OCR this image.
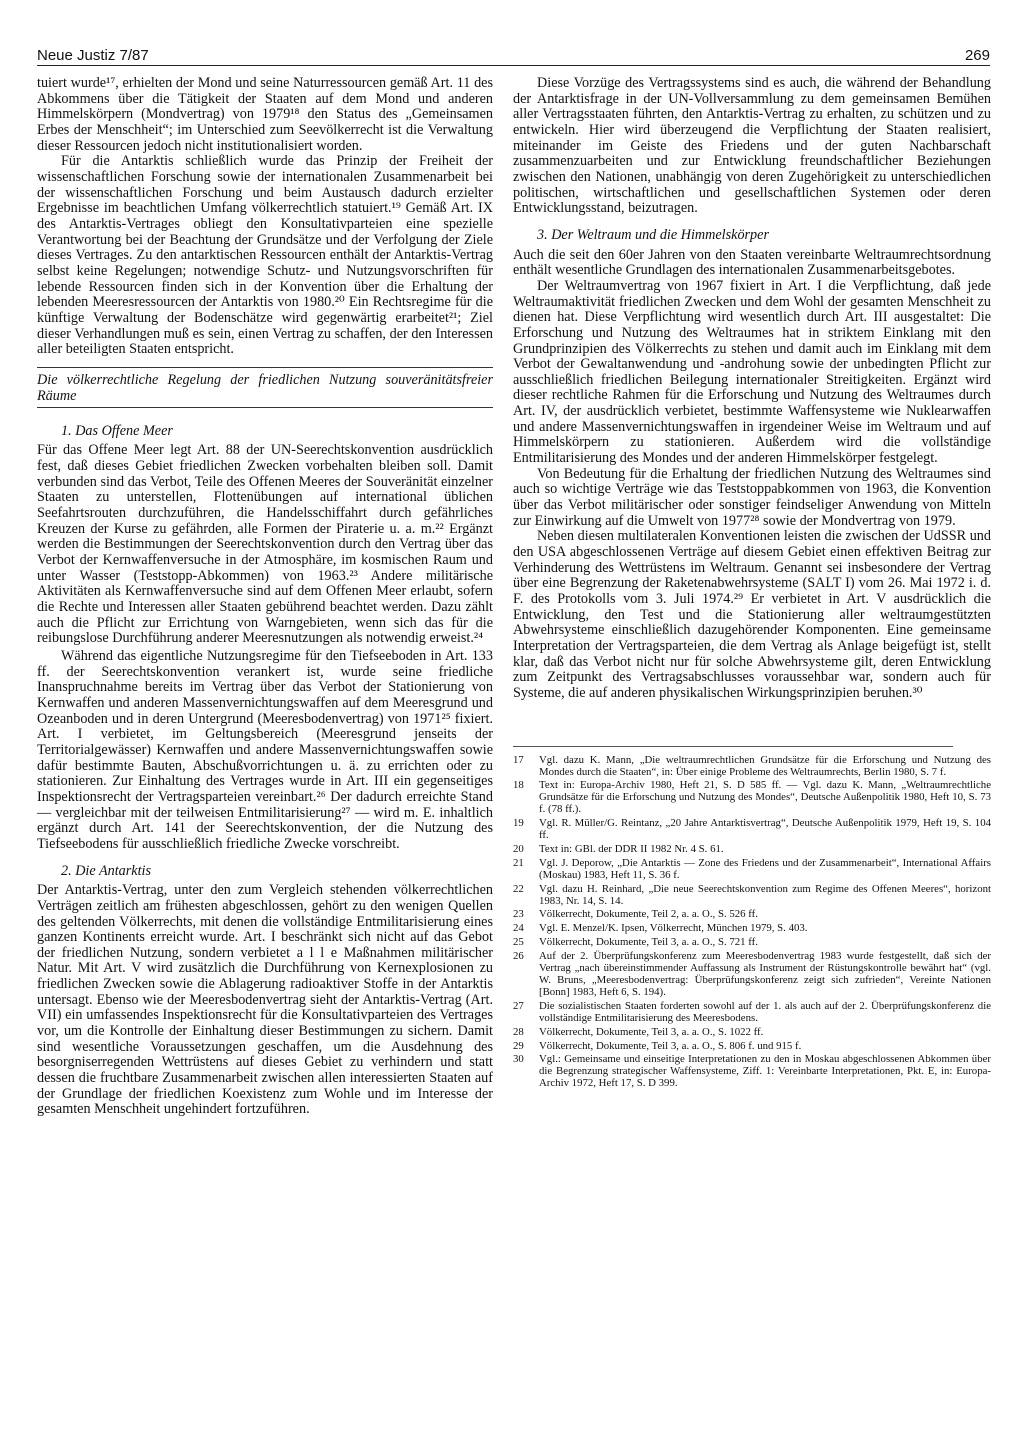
Neue Justiz 7/87	269

tuiert wurde¹⁷, erhielten der Mond und seine Naturressourcen gemäß Art. 11 des Abkommens über die Tätigkeit der Staaten auf dem Mond und anderen Himmelskörpern (Mondvertrag) von 1979¹⁸ den Status des „Gemeinsamen Erbes der Menschheit“; im Unterschied zum Seevölkerrecht ist die Verwaltung dieser Ressourcen jedoch nicht institutionalisiert worden.

Für die Antarktis schließlich wurde das Prinzip der Freiheit der wissenschaftlichen Forschung sowie der internationalen Zusammenarbeit bei der wissenschaftlichen Forschung und beim Austausch dadurch erzielter Ergebnisse im beachtlichen Umfang völkerrechtlich statuiert.¹⁹ Gemäß Art. IX des Antarktis-Vertrages obliegt den Konsultativparteien eine spezielle Verantwortung bei der Beachtung der Grundsätze und der Verfolgung der Ziele dieses Vertrages. Zu den antarktischen Ressourcen enthält der Antarktis-Vertrag selbst keine Regelungen; notwendige Schutz- und Nutzungsvorschriften für lebende Ressourcen finden sich in der Konvention über die Erhaltung der lebenden Meeresressourcen der Antarktis von 1980.²⁰ Ein Rechtsregime für die künftige Verwaltung der Bodenschätze wird gegenwärtig erarbeitet²¹; Ziel dieser Verhandlungen muß es sein, einen Vertrag zu schaffen, der den Interessen aller beteiligten Staaten entspricht.

Die völkerrechtliche Regelung der friedlichen Nutzung souveränitätsfreier Räume
1. Das Offene Meer

Für das Offene Meer legt Art. 88 der UN-Seerechtskonvention ausdrücklich fest, daß dieses Gebiet friedlichen Zwecken vorbehalten bleiben soll. Damit verbunden sind das Verbot, Teile des Offenen Meeres der Souveränität einzelner Staaten zu unterstellen, Flottenübungen auf international üblichen Seefahrtsrouten durchzuführen, die Handelsschiffahrt durch gefährliches Kreuzen der Kurse zu gefährden, alle Formen der Piraterie u. a. m.²² Ergänzt werden die Bestimmungen der Seerechtskonvention durch den Vertrag über das Verbot der Kernwaffenversuche in der Atmosphäre, im kosmischen Raum und unter Wasser (Teststopp-Abkommen) von 1963.²³ Andere militärische Aktivitäten als Kernwaffenversuche sind auf dem Offenen Meer erlaubt, sofern die Rechte und Interessen aller Staaten gebührend beachtet werden. Dazu zählt auch die Pflicht zur Errichtung von Warngebieten, wenn sich das für die reibungslose Durchführung anderer Meeresnutzungen als notwendig erweist.²⁴

Während das eigentliche Nutzungsregime für den Tiefseeboden in Art. 133 ff. der Seerechtskonvention verankert ist, wurde seine friedliche Inanspruchnahme bereits im Vertrag über das Verbot der Stationierung von Kernwaffen und anderen Massenvernichtungswaffen auf dem Meeresgrund und Ozeanboden und in deren Untergrund (Meeresbodenvertrag) von 1971²⁵ fixiert. Art. I verbietet, im Geltungsbereich (Meeresgrund jenseits der Territorialgewässer) Kernwaffen und andere Massenvernichtungswaffen sowie dafür bestimmte Bauten, Abschußvorrichtungen u. ä. zu errichten oder zu stationieren. Zur Einhaltung des Vertrages wurde in Art. III ein gegenseitiges Inspektionsrecht der Vertragsparteien vereinbart.²⁶ Der dadurch erreichte Stand — vergleichbar mit der teilweisen Entmilitarisierung²⁷ — wird m. E. inhaltlich ergänzt durch Art. 141 der Seerechtskonvention, der die Nutzung des Tiefseebodens für ausschließlich friedliche Zwecke vorschreibt.

2. Die Antarktis

Der Antarktis-Vertrag, unter den zum Vergleich stehenden völkerrechtlichen Verträgen zeitlich am frühesten abgeschlossen, gehört zu den wenigen Quellen des geltenden Völkerrechts, mit denen die vollständige Entmilitarisierung eines ganzen Kontinents erreicht wurde. Art. I beschränkt sich nicht auf das Gebot der friedlichen Nutzung, sondern verbietet a l l e Maßnahmen militärischer Natur. Mit Art. V wird zusätzlich die Durchführung von Kernexplosionen zu friedlichen Zwecken sowie die Ablagerung radioaktiver Stoffe in der Antarktis untersagt. Ebenso wie der Meeresbodenvertrag sieht der Antarktis-Vertrag (Art. VII) ein umfassendes Inspektionsrecht für die Konsultativparteien des Vertrages vor, um die Kontrolle der Einhaltung dieser Bestimmungen zu sichern. Damit sind wesentliche Voraussetzungen geschaffen, um die Ausdehnung des besorgniserregenden Wettrüstens auf dieses Gebiet zu verhindern und statt dessen die fruchtbare Zusammenarbeit zwischen allen interessierten Staaten auf der Grundlage der friedlichen Koexistenz zum Wohle und im Interesse der gesamten Menschheit ungehindert fortzuführen.

Diese Vorzüge des Vertragssystems sind es auch, die während der Behandlung der Antarktisfrage in der UN-Vollversammlung zu dem gemeinsamen Bemühen aller Vertragsstaaten führten, den Antarktis-Vertrag zu erhalten, zu schützen und zu entwickeln. Hier wird überzeugend die Verpflichtung der Staaten realisiert, miteinander im Geiste des Friedens und der guten Nachbarschaft zusammenzuarbeiten und zur Entwicklung freundschaftlicher Beziehungen zwischen den Nationen, unabhängig von deren Zugehörigkeit zu unterschiedlichen politischen, wirtschaftlichen und gesellschaftlichen Systemen oder deren Entwicklungsstand, beizutragen.

3. Der Weltraum und die Himmelskörper

Auch die seit den 60er Jahren von den Staaten vereinbarte Weltraumrechtsordnung enthält wesentliche Grundlagen des internationalen Zusammenarbeitsgebotes.

Der Weltraumvertrag von 1967 fixiert in Art. I die Verpflichtung, daß jede Weltraumaktivität friedlichen Zwecken und dem Wohl der gesamten Menschheit zu dienen hat. Diese Verpflichtung wird wesentlich durch Art. III ausgestaltet: Die Erforschung und Nutzung des Weltraumes hat in striktem Einklang mit den Grundprinzipien des Völkerrechts zu stehen und damit auch im Einklang mit dem Verbot der Gewaltanwendung und -androhung sowie der unbedingten Pflicht zur ausschließlich friedlichen Beilegung internationaler Streitigkeiten. Ergänzt wird dieser rechtliche Rahmen für die Erforschung und Nutzung des Weltraumes durch Art. IV, der ausdrücklich verbietet, bestimmte Waffensysteme wie Nuklearwaffen und andere Massenvernichtungswaffen in irgendeiner Weise im Weltraum und auf Himmelskörpern zu stationieren. Außerdem wird die vollständige Entmilitarisierung des Mondes und der anderen Himmelskörper festgelegt.

Von Bedeutung für die Erhaltung der friedlichen Nutzung des Weltraumes sind auch so wichtige Verträge wie das Teststoppabkommen von 1963, die Konvention über das Verbot militärischer oder sonstiger feindseliger Anwendung von Mitteln zur Einwirkung auf die Umwelt von 1977²⁸ sowie der Mondvertrag von 1979.

Neben diesen multilateralen Konventionen leisten die zwischen der UdSSR und den USA abgeschlossenen Verträge auf diesem Gebiet einen effektiven Beitrag zur Verhinderung des Wettrüstens im Weltraum. Genannt sei insbesondere der Vertrag über eine Begrenzung der Raketenabwehrsysteme (SALT I) vom 26. Mai 1972 i. d. F. des Protokolls vom 3. Juli 1974.²⁹ Er verbietet in Art. V ausdrücklich die Entwicklung, den Test und die Stationierung aller weltraumgestützten Abwehrsysteme einschließlich dazugehörender Komponenten. Eine gemeinsame Interpretation der Vertragsparteien, die dem Vertrag als Anlage beigefügt ist, stellt klar, daß das Verbot nicht nur für solche Abwehrsysteme gilt, deren Entwicklung zum Zeitpunkt des Vertragsabschlusses voraussehbar war, sondern auch für Systeme, die auf anderen physikalischen Wirkungsprinzipien beruhen.³⁰

17	Vgl. dazu K. Mann, „Die weltraumrechtlichen Grundsätze für die Erforschung und Nutzung des Mondes durch die Staaten“, in: Über einige Probleme des Weltraumrechts, Berlin 1980, S. 7 f.
18	Text in: Europa-Archiv 1980, Heft 21, S. D 585 ff. — Vgl. dazu K. Mann, „Weltraumrechtliche Grundsätze für die Erforschung und Nutzung des Mondes“, Deutsche Außenpolitik 1980, Heft 10, S. 73 f. (78 ff.).
19	Vgl. R. Müller/G. Reintanz, „20 Jahre Antarktisvertrag“, Deutsche Außenpolitik 1979, Heft 19, S. 104 ff.
20	Text in: GBl. der DDR II 1982 Nr. 4 S. 61.
21	Vgl. J. Deporow, „Die Antarktis — Zone des Friedens und der Zusammenarbeit“, International Affairs (Moskau) 1983, Heft 11, S. 36 f.
22	Vgl. dazu H. Reinhard, „Die neue Seerechtskonvention zum Regime des Offenen Meeres“, horizont 1983, Nr. 14, S. 14.
23	Völkerrecht, Dokumente, Teil 2, a. a. O., S. 526 ff.
24	Vgl. E. Menzel/K. Ipsen, Völkerrecht, München 1979, S. 403.
25	Völkerrecht, Dokumente, Teil 3, a. a. O., S. 721 ff.
26	Auf der 2. Überprüfungskonferenz zum Meeresbodenvertrag 1983 wurde festgestellt, daß sich der Vertrag „nach übereinstimmender Auffassung als Instrument der Rüstungskontrolle bewährt hat“ (vgl. W. Bruns, „Meeresbodenvertrag: Überprüfungskonferenz zeigt sich zufrieden“, Vereinte Nationen [Bonn] 1983, Heft 6, S. 194).
27	Die sozialistischen Staaten forderten sowohl auf der 1. als auch auf der 2. Überprüfungskonferenz die vollständige Entmilitarisierung des Meeresbodens.
28	Völkerrecht, Dokumente, Teil 3, a. a. O., S. 1022 ff.
29	Völkerrecht, Dokumente, Teil 3, a. a. O., S. 806 f. und 915 f.
30	Vgl.: Gemeinsame und einseitige Interpretationen zu den in Moskau abgeschlossenen Abkommen über die Begrenzung strategischer Waffensysteme, Ziff. 1: Vereinbarte Interpretationen, Pkt. E, in: Europa-Archiv 1972, Heft 17, S. D 399.
